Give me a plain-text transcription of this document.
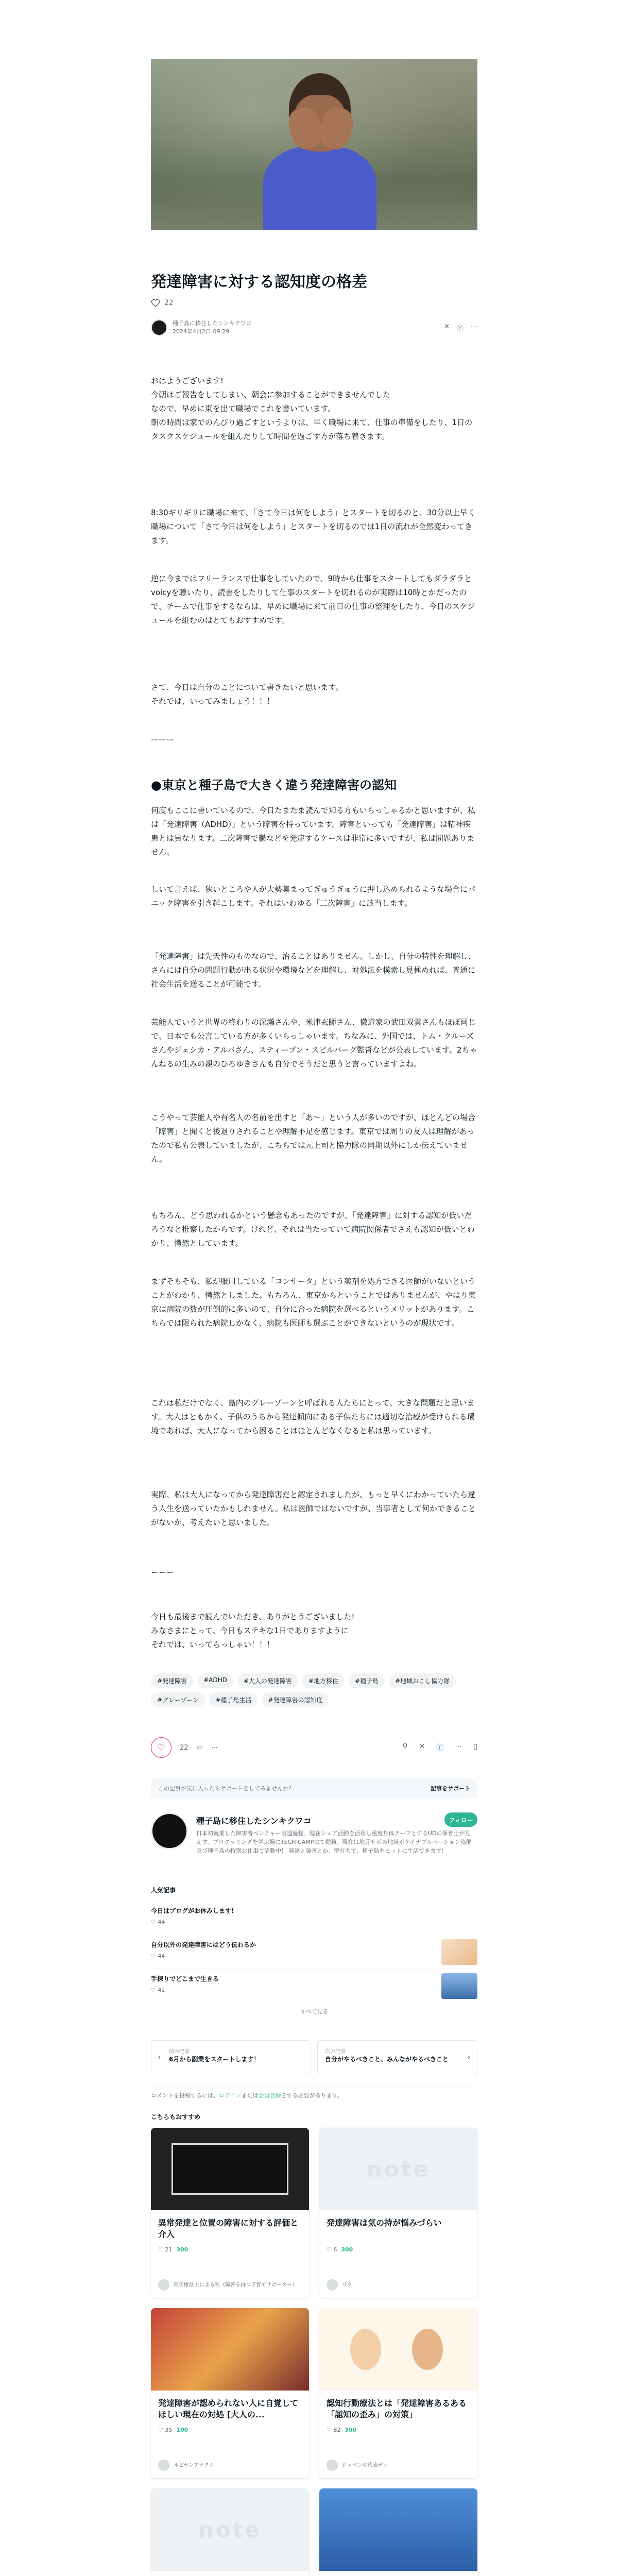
発達障害に対する認知度の格差
22
種子島に移住したシンキクワコ
2024年4月2日 09:29
✕ ⓕ ⋯
おはようございます!
今朝はご報告をしてしまい、朝会に参加することができませんでした
なので、早めに東を出て職場でこれを書いています。
朝の時間は家でのんびり過ごすというよりは、早く職場に来て、仕事の準備をしたり、1日のタスクスケジュールを組んだりして時間を過ごす方が落ち着きます。
8:30ギリギリに職場に来て、「さて今日は何をしよう」とスタートを切るのと、30分以上早く職場について「さて今日は何をしよう」とスタートを切るのでは1日の流れが全然変わってきます。
逆に今まではフリーランスで仕事をしていたので、9時から仕事をスタートしてもダラダラとvoicyを聴いたり、読書をしたりして仕事のスタートを切れるのが実際は10時とかだったので、チームで仕事をするならは、早めに職場に来て前日の仕事の整理をしたり、今日のスケジュールを組むのはとてもおすすめです。
さて、今日は自分のことについて書きたいと思います。
それでは、いってみましょう！！！
ーーー
●東京と種子島で大きく違う発達障害の認知
何度もここに書いているので、今日たまたま読んで知る方もいらっしゃるかと思いますが、私は「発達障害（ADHD）」という障害を持っています。障害といっても「発達障害」は精神疾患とは異なります。二次障害で鬱などを発症するケースは非常に多いですが、私は問題ありません。
しいて言えば、狭いところや人が大勢集まってぎゅうぎゅうに押し込められるような場合にパニック障害を引き起こします。それはいわゆる「二次障害」に該当します。
「発達障害」は先天性のものなので、治ることはありません。しかし、自分の特性を理解し、さらには自分の問題行動が出る状況や環境などを理解し、対処法を模索し見極めれば、普通に社会生活を送ることが可能です。
芸能人でいうと世界の終わりの深瀬さんや、米津玄師さん、徹道家の武田双雲さんもほぼ同じで、日本でも公言している方が多くいらっしゃいます。ちなみに、外国では、トム・クルーズさんやジェシカ・アルバさん、スティーブン・スピルバーグ監督などが公表しています。2ちゃんねるの生みの親のひろゆきさんも自分でそうだと思うと言っていますよね。
こうやって芸能人や有名人の名前を出すと「あ〜」という人が多いのですが、ほとんどの場合「障害」と聞くと後退りされることや理解不足を感じます。東京では周りの友人は理解があったので私も公表していましたが、こちらでは元上司と協力隊の同期以外にしか伝えていません。
もちろん、どう思われるかという懸念もあったのですが、「発達障害」に対する認知が低いだろうなと推察したからです。けれど、それは当たっていて病院関係者でさえも認知が低いとわかり、愕然としています。
まずそもそも、私が服用している「コンサータ」という薬剤を処方できる医師がいないということがわかり、愕然としました。もちろん、東京からということではありませんが、やはり東京は病院の数が圧倒的に多いので、自分に合った病院を選べるというメリットがあります。こちらでは限られた病院しかなく、病院も医師も選ぶことができないというのが現状です。
これは私だけでなく、島内のグレーゾーンと呼ばれる人たちにとって、大きな問題だと思います。大人はともかく、子供のうちから発達傾向にある子供たちには適切な治療が受けられる環境であれば、大人になってから困ることはほとんどなくなると私は思っています。
実際、私は大人になってから発達障害だと認定されましたが、もっと早くにわかっていたら違う人生を送っていたかもしれません。私は医師ではないですが、当事者として何かできることがないか、考えたいと思いました。
ーーー
今日も最後まで読んでいただき、ありがとうございました!
みなさまにとって、今日もステキな1日でありますように
それでは、いってらっしゃい！！！
#発達障害	#ADHD	#大人の発達障害	#地方移住	#種子島	#地域おこし協力隊
#グレーゾーン	#種子島生活	#発達障害の認知度
♡ 22 ▭ ⋯	⚲ ✕ ⓕ ⋯ ▯
この記事が気に入ったらサポートをしてみませんか？	記事をサポート
種子島に移住したシンキクワコ	フォロー
日本初就業した障害者ベンチャー製造過程、現在シェア活動を活用し重度身体チーフとするUDの保育士が見えす、プログラミングを学ぶ場にTECH CAMPにて勤務。現在は地元サポの地域ポケイナブルベーション協働及び種子島の特別お仕事で活動中！ 発達と障害とか、壁打ちで、種子島をセットに生活できます！
人気記事
今日はブログがお休みします!
♡ 44
自分以外の発達障害にはどう伝わるか
♡ 44
手探りでどこまで生きる
♡ 42
すべて見る
‹
前の記事
6月から副業をスタートします！
次の記事
自分がやるべきこと、みんながやるべきこと ›
コメントを投稿するには、ログインまたは会員登録をする必要があります。
こちらもおすすめ
異常発達と位置の障害に対する評価と介入
♡ 21 300
理学療法士による私（障害を持つ子育てサポーター）
note
発達障害は気の持が悩みづらい
♡ 6 300
リク
発達障害が認められない人に自覚してほしい現在の対処 [大人の...
♡ 35 100
ルビサンアサクム
認知行動療法とは「発達障害あるある「認知の歪み」の対策」
♡ 82 300
ジャペンの代表デュ
note
